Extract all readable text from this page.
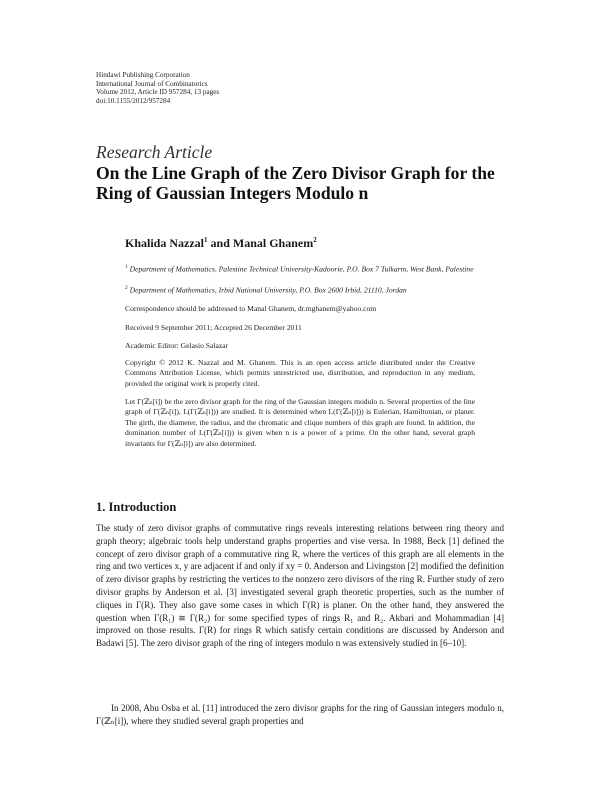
Hindawi Publishing Corporation
International Journal of Combinatorics
Volume 2012, Article ID 957284, 13 pages
doi:10.1155/2012/957284
Research Article
On the Line Graph of the Zero Divisor Graph for the Ring of Gaussian Integers Modulo n
Khalida Nazzal$^1$ and Manal Ghanem$^2$
$^1$ Department of Mathematics, Palestine Technical University-Kadoorie, P.O. Box 7 Tulkarm, West Bank, Palestine
$^2$ Department of Mathematics, Irbid National University, P.O. Box 2600 Irbid, 21110, Jordan
Correspondence should be addressed to Manal Ghanem, dr.mghanem@yahoo.com
Received 9 September 2011; Accepted 26 December 2011
Academic Editor: Gelasio Salazar
Copyright © 2012 K. Nazzal and M. Ghanem. This is an open access article distributed under the Creative Commons Attribution License, which permits unrestricted use, distribution, and reproduction in any medium, provided the original work is properly cited.
Let Γ(ℤₙ[i]) be the zero divisor graph for the ring of the Gaussian integers modulo n. Several properties of the line graph of Γ(ℤₙ[i]), L(Γ(ℤₙ[i])) are studied. It is determined when L(Γ(ℤₙ[i])) is Eulerian, Hamiltonian, or planer. The girth, the diameter, the radius, and the chromatic and clique numbers of this graph are found. In addition, the domination number of L(Γ(ℤₙ[i])) is given when n is a power of a prime. On the other hand, several graph invariants for Γ(ℤₙ[i]) are also determined.
1. Introduction
The study of zero divisor graphs of commutative rings reveals interesting relations between ring theory and graph theory; algebraic tools help understand graphs properties and vise versa. In 1988, Beck [1] defined the concept of zero divisor graph of a commutative ring R, where the vertices of this graph are all elements in the ring and two vertices x, y are adjacent if and only if xy = 0. Anderson and Livingston [2] modified the definition of zero divisor graphs by restricting the vertices to the nonzero zero divisors of the ring R. Further study of zero divisor graphs by Anderson et al. [3] investigated several graph theoretic properties, such as the number of cliques in Γ(R). They also gave some cases in which Γ(R) is planer. On the other hand, they answered the question when Γ(R₁) ≅ Γ(R₂) for some specified types of rings R₁ and R₂. Akbari and Mohammadian [4] improved on those results. Γ(R) for rings R which satisfy certain conditions are discussed by Anderson and Badawi [5]. The zero divisor graph of the ring of integers modulo n was extensively studied in [6–10].
In 2008, Abu Osba et al. [11] introduced the zero divisor graphs for the ring of Gaussian integers modulo n, Γ(ℤₙ[i]), where they studied several graph properties and
